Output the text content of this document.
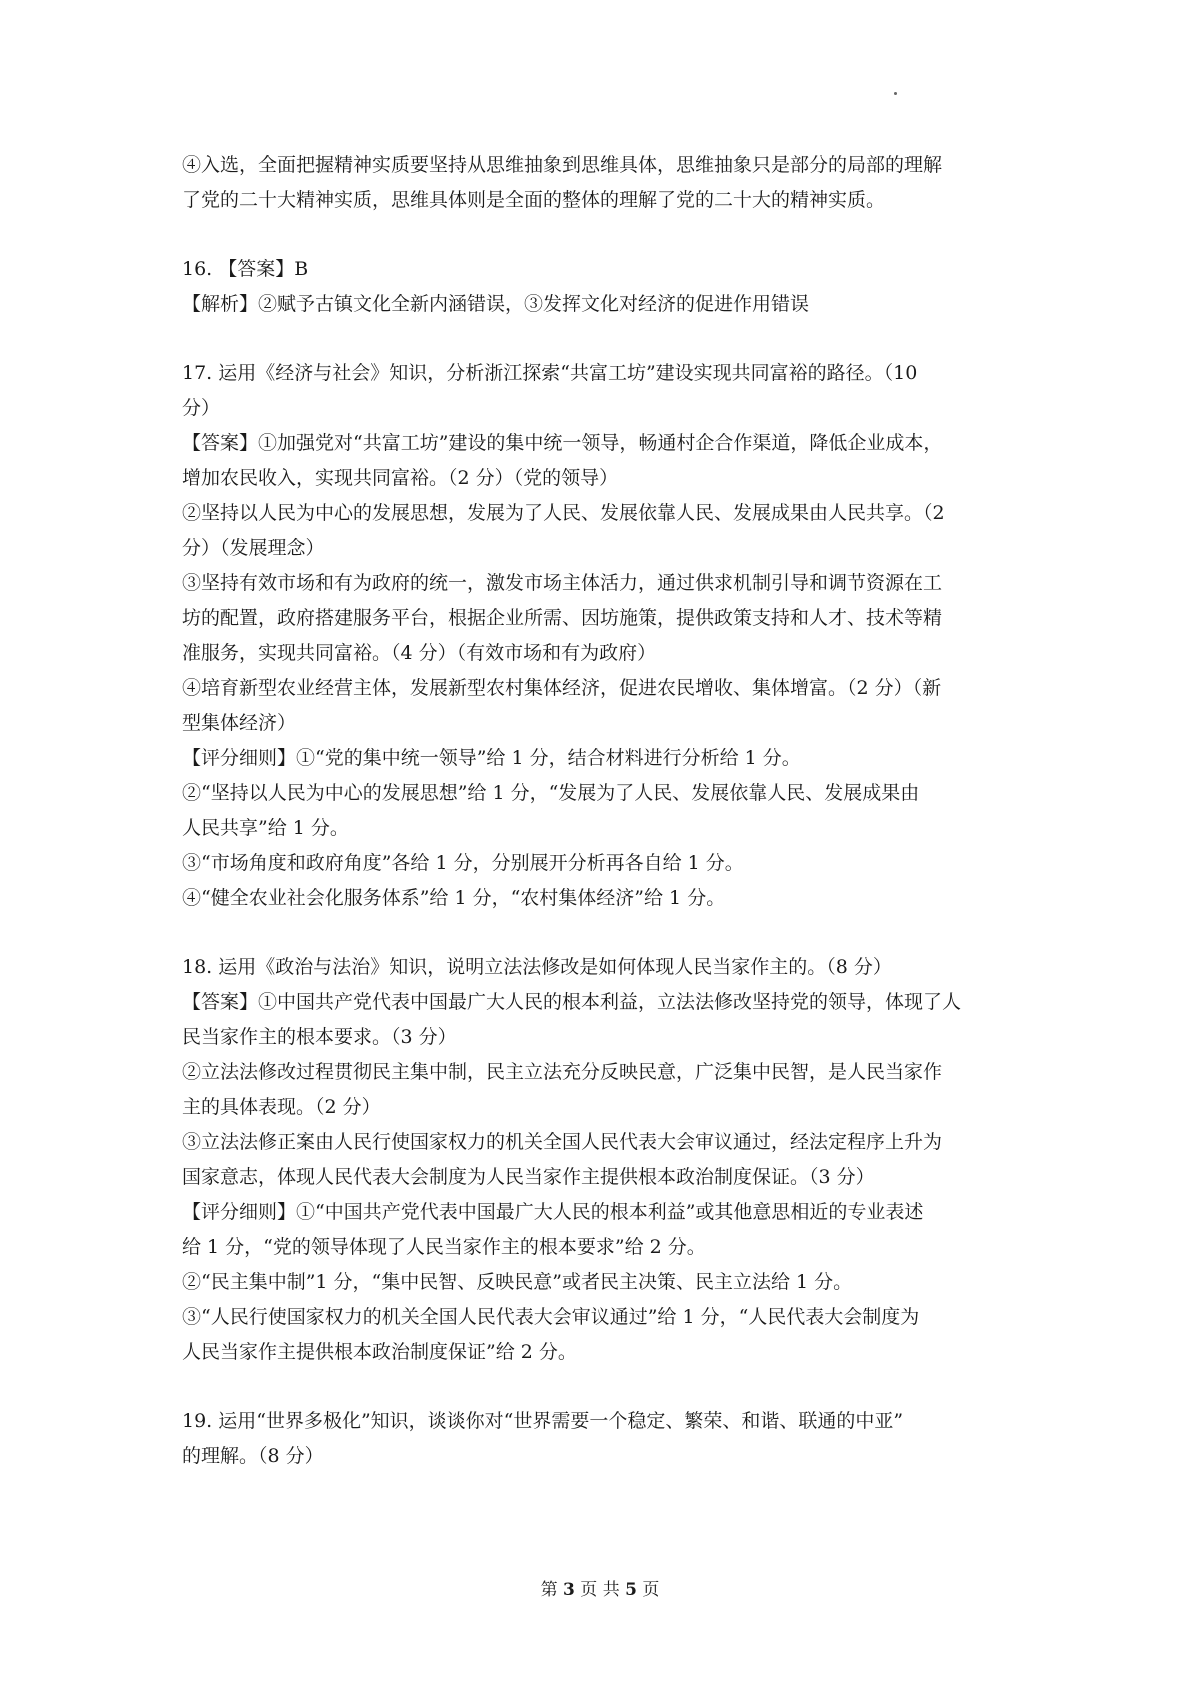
④入选，全面把握精神实质要坚持从思维抽象到思维具体，思维抽象只是部分的局部的理解
了党的二十大精神实质，思维具体则是全面的整体的理解了党的二十大的精神实质。
16. 【答案】B
【解析】②赋予古镇文化全新内涵错误，③发挥文化对经济的促进作用错误
17. 运用《经济与社会》知识，分析浙江探索“共富工坊”建设实现共同富裕的路径。（10
分）
【答案】①加强党对“共富工坊”建设的集中统一领导，畅通村企合作渠道，降低企业成本，
增加农民收入，实现共同富裕。（2 分）（党的领导）
②坚持以人民为中心的发展思想，发展为了人民、发展依靠人民、发展成果由人民共享。（2
分）（发展理念）
③坚持有效市场和有为政府的统一，激发市场主体活力，通过供求机制引导和调节资源在工
坊的配置，政府搭建服务平台，根据企业所需、因坊施策，提供政策支持和人才、技术等精
准服务，实现共同富裕。（4 分）（有效市场和有为政府）
④培育新型农业经营主体，发展新型农村集体经济，促进农民增收、集体增富。（2 分）（新
型集体经济）
【评分细则】①“党的集中统一领导”给 1 分，结合材料进行分析给 1 分。
②“坚持以人民为中心的发展思想”给 1 分，“发展为了人民、发展依靠人民、发展成果由
人民共享”给 1 分。
③“市场角度和政府角度”各给 1 分，分别展开分析再各自给 1 分。
④“健全农业社会化服务体系”给 1 分，“农村集体经济”给 1 分。
18. 运用《政治与法治》知识，说明立法法修改是如何体现人民当家作主的。（8 分）
【答案】①中国共产党代表中国最广大人民的根本利益，立法法修改坚持党的领导，体现了人
民当家作主的根本要求。（3 分）
②立法法修改过程贯彻民主集中制，民主立法充分反映民意，广泛集中民智，是人民当家作
主的具体表现。（2 分）
③立法法修正案由人民行使国家权力的机关全国人民代表大会审议通过，经法定程序上升为
国家意志，体现人民代表大会制度为人民当家作主提供根本政治制度保证。（3 分）
【评分细则】①“中国共产党代表中国最广大人民的根本利益”或其他意思相近的专业表述
给 1 分，“党的领导体现了人民当家作主的根本要求”给 2 分。
②“民主集中制”1 分，“集中民智、反映民意”或者民主决策、民主立法给 1 分。
③“人民行使国家权力的机关全国人民代表大会审议通过”给 1 分，“人民代表大会制度为
人民当家作主提供根本政治制度保证”给 2 分。
19. 运用“世界多极化”知识，谈谈你对“世界需要一个稳定、繁荣、和谐、联通的中亚”
的理解。（8 分）
第 3 页 共 5 页
